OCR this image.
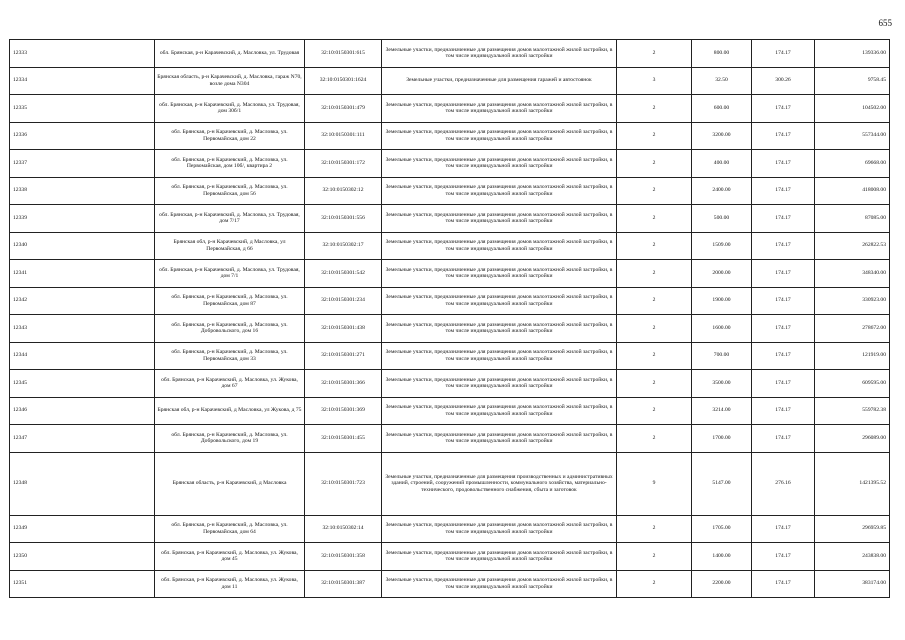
655
12333	обл. Брянская, р-н Карачевский, д. Масловка, ул. Трудовая	32:10:0150301:615	Земельные участки, предназначенные для размещения домов малоэтажной жилой застройки, в том числе индивидуальной жилой застройки	2	800.00	174.17	139336.00
12334	Брянская область, р-н Карачевский, д. Масловка, гараж N70, возле дома N304	32:10:0150301:1624	Земельные участки, предназначенные для размещения гаражей и автостоянок	3	32.50	300.26	9758.45
12335	обл. Брянская, р-н Карачевский, д. Масловка, ул. Трудовая, дом 30б/1	32:10:0150301:479	Земельные участки, предназначенные для размещения домов малоэтажной жилой застройки, в том числе индивидуальной жилой застройки	2	600.00	174.17	104502.00
12336	обл. Брянская, р-н Карачевский, д. Масловка, ул. Первомайская, дом 22	32:10:0150301:111	Земельные участки, предназначенные для размещения домов малоэтажной жилой застройки, в том числе индивидуальной жилой застройки	2	3200.00	174.17	557344.00
12337	обл. Брянская, р-н Карачевский, д. Масловка, ул. Первомайская, дом 10б/, квартира 2	32:10:0150301:172	Земельные участки, предназначенные для размещения домов малоэтажной жилой застройки, в том числе индивидуальной жилой застройки	2	400.00	174.17	69668.00
12338	обл. Брянская, р-н Карачевский, д. Масловка, ул. Первомайская, дом 56	32:10:0150302:12	Земельные участки, предназначенные для размещения домов малоэтажной жилой застройки, в том числе индивидуальной жилой застройки	2	2400.00	174.17	418008.00
12339	обл. Брянская, р-н Карачевский, д. Масловка, ул. Трудовая, дом 7/17	32:10:0150301:556	Земельные участки, предназначенные для размещения домов малоэтажной жилой застройки, в том числе индивидуальной жилой застройки	2	500.00	174.17	87085.00
12340	Брянская обл, р-н Карачевский, д Масловка, ул Первомайская, д 66	32:10:0150302:17	Земельные участки, предназначенные для размещения домов малоэтажной жилой застройки, в том числе индивидуальной жилой застройки	2	1509.00	174.17	262822.53
12341	обл. Брянская, р-н Карачевский, д. Масловка, ул. Трудовая, дом 7/1	32:10:0150301:542	Земельные участки, предназначенные для размещения домов малоэтажной жилой застройки, в том числе индивидуальной жилой застройки	2	2000.00	174.17	348340.00
12342	обл. Брянская, р-н Карачевский, д. Масловка, ул. Первомайская, дом 87	32:10:0150301:234	Земельные участки, предназначенные для размещения домов малоэтажной жилой застройки, в том числе индивидуальной жилой застройки	2	1900.00	174.17	330923.00
12343	обл. Брянская, р-н Карачевский, д. Масловка, ул. Добровольского, дом 16	32:10:0150301:438	Земельные участки, предназначенные для размещения домов малоэтажной жилой застройки, в том числе индивидуальной жилой застройки	2	1600.00	174.17	278672.00
12344	обл. Брянская, р-н Карачевский, д. Масловка, ул. Первомайская, дом 33	32:10:0150301:271	Земельные участки, предназначенные для размещения домов малоэтажной жилой застройки, в том числе индивидуальной жилой застройки	2	700.00	174.17	121919.00
12345	обл. Брянская, р-н Карачевский, д. Масловка, ул. Жукова, дом 67	32:10:0150301:366	Земельные участки, предназначенные для размещения домов малоэтажной жилой застройки, в том числе индивидуальной жилой застройки	2	3500.00	174.17	609595.00
12346	Брянская обл, р-н Карачевский, д Масловка, ул Жукова, д 75	32:10:0150301:369	Земельные участки, предназначенные для размещения домов малоэтажной жилой застройки, в том числе индивидуальной жилой застройки	2	3214.00	174.17	559782.38
12347	обл. Брянская, р-н Карачевский, д. Масловка, ул. Добровольского, дом 19	32:10:0150301:455	Земельные участки, предназначенные для размещения домов малоэтажной жилой застройки, в том числе индивидуальной жилой застройки	2	1700.00	174.17	296089.00
12348	Брянская область, р-н Карачевский, д Масловка	32:10:0150301:723	Земельные участки, предназначенные для размещения производственных и административных зданий, строений, сооружений промышленности, коммунального хозяйства, материально-технического, продовольственного снабжения, сбыта и заготовок	9	5147.00	276.16	1421395.52
12349	обл. Брянская, р-н Карачевский, д. Масловка, ул. Первомайская, дом 64	32:10:0150302:14	Земельные участки, предназначенные для размещения домов малоэтажной жилой застройки, в том числе индивидуальной жилой застройки	2	1705.00	174.17	296959.85
12350	обл. Брянская, р-н Карачевский, д. Масловка, ул. Жукова, дом 45	32:10:0150301:358	Земельные участки, предназначенные для размещения домов малоэтажной жилой застройки, в том числе индивидуальной жилой застройки	2	1400.00	174.17	243838.00
12351	обл. Брянская, р-н Карачевский, д. Масловка, ул. Жукова, дом 11	32:10:0150301:387	Земельные участки, предназначенные для размещения домов малоэтажной жилой застройки, в том числе индивидуальной жилой застройки	2	2200.00	174.17	383174.00
